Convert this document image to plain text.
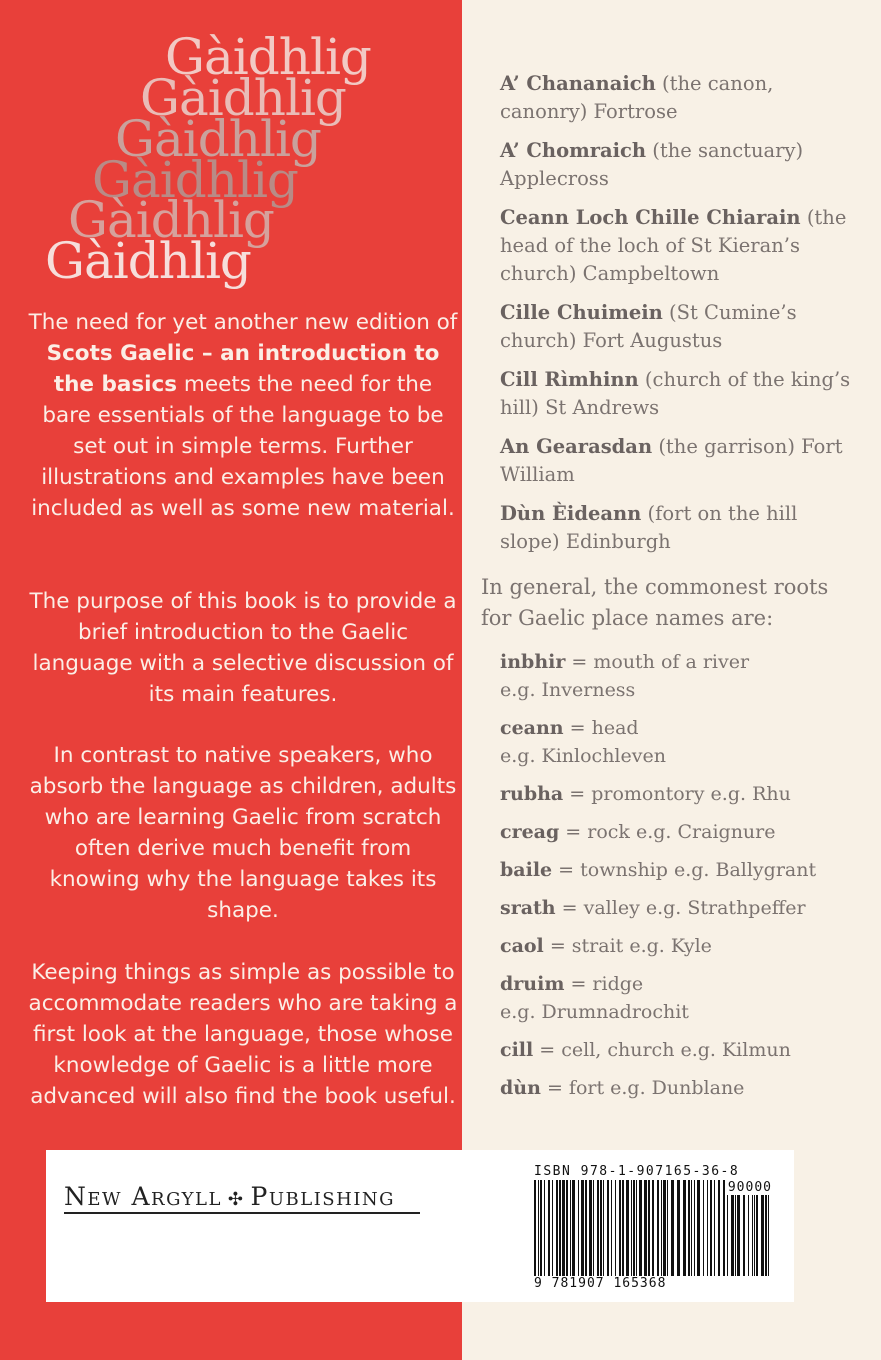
Gàidhlig
Gàidhlig
Gàidhlig
Gàidhlig
Gàidhlig
Gàidhlig

The need for yet another new edition of Scots Gaelic – an introduction to the basics meets the need for the bare essentials of the language to be set out in simple terms. Further illustrations and examples have been included as well as some new material.

The purpose of this book is to provide a brief introduction to the Gaelic language with a selective discussion of its main features.

In contrast to native speakers, who absorb the language as children, adults who are learning Gaelic from scratch often derive much benefit from knowing why the language takes its shape.

Keeping things as simple as possible to accommodate readers who are taking a first look at the language, those whose knowledge of Gaelic is a little more advanced will also find the book useful.

A’ Chananaich (the canon, canonry) Fortrose
A’ Chomraich (the sanctuary) Applecross
Ceann Loch Chille Chiarain (the head of the loch of St Kieran’s church) Campbeltown
Cille Chuimein (St Cumine’s church) Fort Augustus
Cill Rìmhinn (church of the king’s hill) St Andrews
An Gearasdan (the garrison) Fort William
Dùn Èideann (fort on the hill slope) Edinburgh

In general, the commonest roots for Gaelic place names are:

inbhir = mouth of a river
e.g. Inverness
ceann = head
e.g. Kinlochleven
rubha = promontory e.g. Rhu
creag = rock e.g. Craignure
baile = township e.g. Ballygrant
srath = valley e.g. Strathpeffer
caol = strait e.g. Kyle
druim = ridge
e.g. Drumnadrochit
cill = cell, church e.g. Kilmun
dùn = fort e.g. Dunblane
New Argyll ✣ Publishing
ISBN 978-1-907165-36-8
90000
9 781907 165368
